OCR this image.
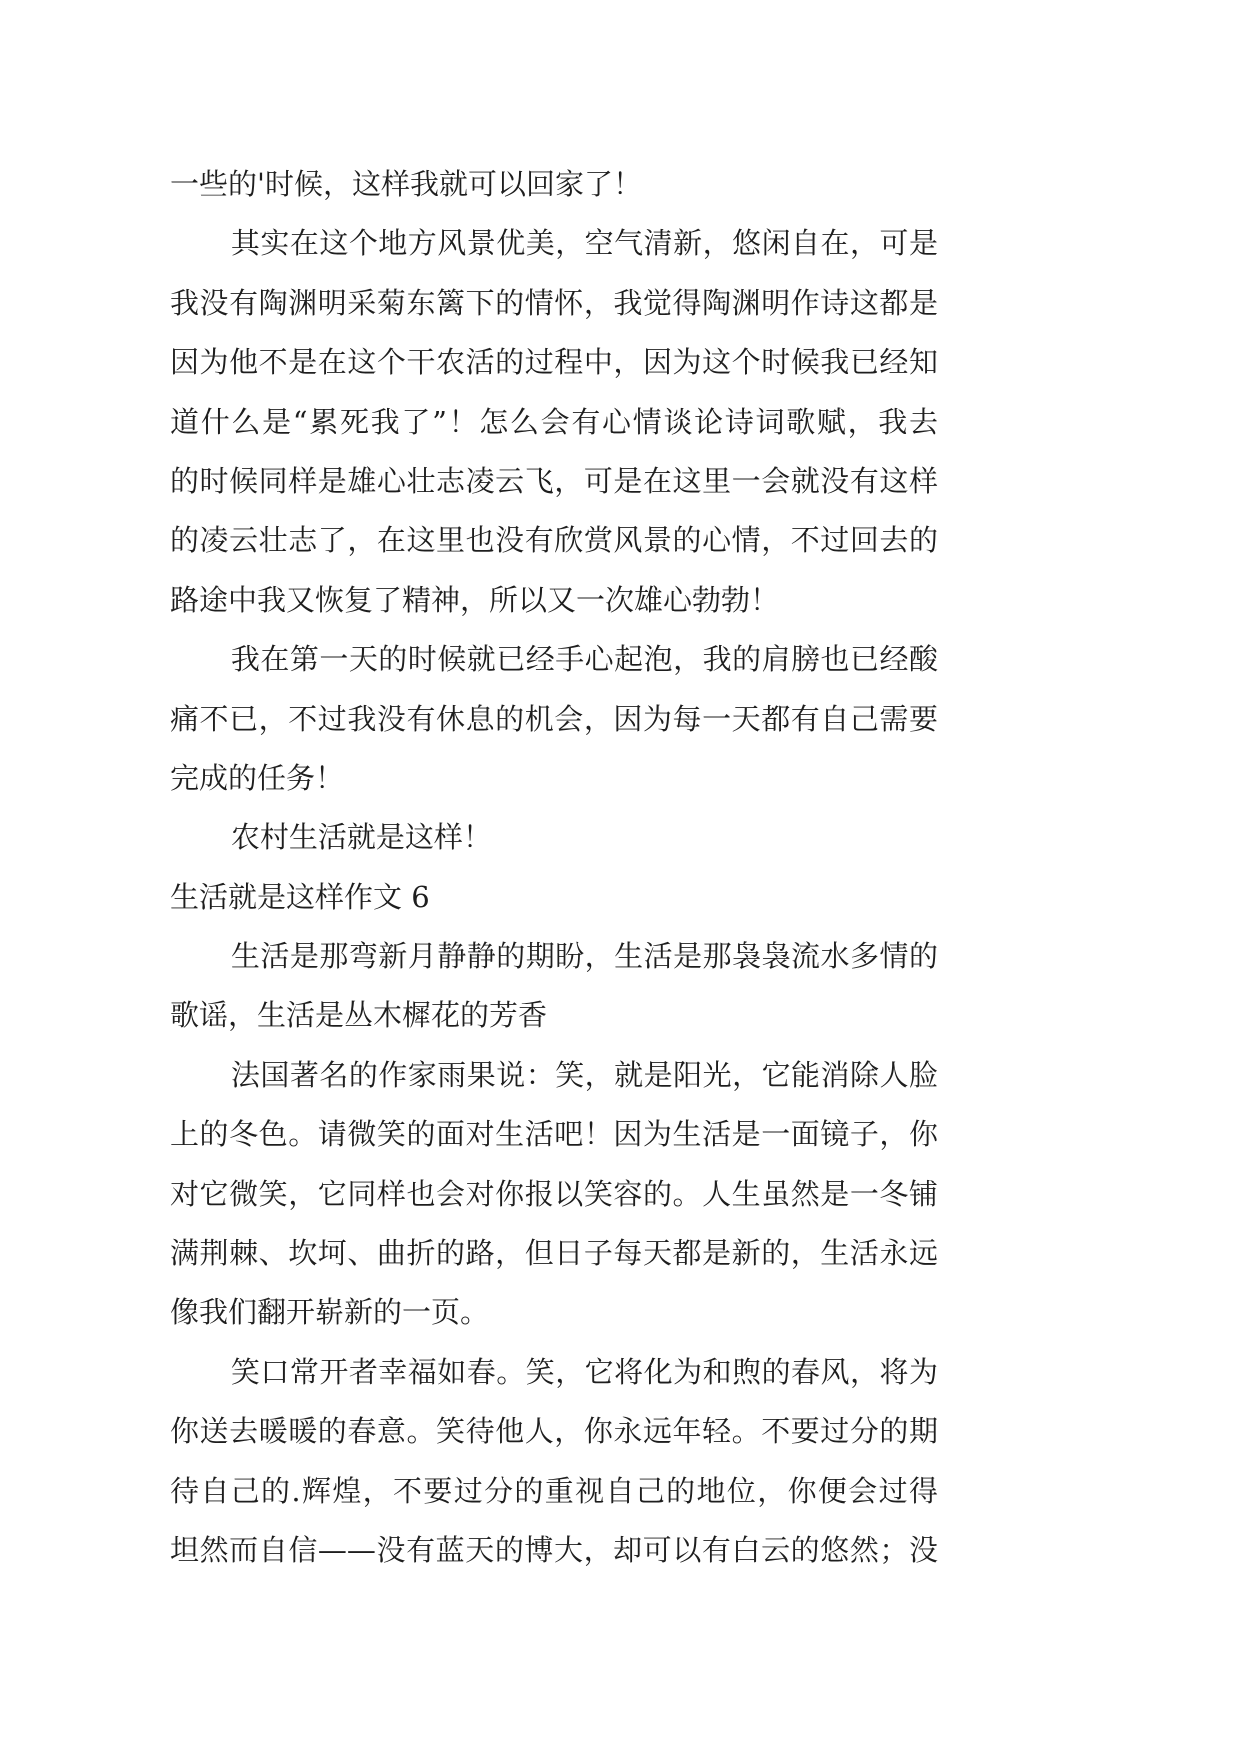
一些的'时候，这样我就可以回家了！
其实在这个地方风景优美，空气清新，悠闲自在，可是
我没有陶渊明采菊东篱下的情怀，我觉得陶渊明作诗这都是
因为他不是在这个干农活的过程中，因为这个时候我已经知
道什么是“累死我了”！怎么会有心情谈论诗词歌赋，我去
的时候同样是雄心壮志凌云飞，可是在这里一会就没有这样
的凌云壮志了，在这里也没有欣赏风景的心情，不过回去的
路途中我又恢复了精神，所以又一次雄心勃勃！
我在第一天的时候就已经手心起泡，我的肩膀也已经酸
痛不已，不过我没有休息的机会，因为每一天都有自己需要
完成的任务！
农村生活就是这样！
生活就是这样作文 6
生活是那弯新月静静的期盼，生活是那袅袅流水多情的
歌谣，生活是丛木樨花的芳香
法国著名的作家雨果说：笑，就是阳光，它能消除人脸
上的冬色。请微笑的面对生活吧！因为生活是一面镜子，你
对它微笑，它同样也会对你报以笑容的。人生虽然是一冬铺
满荆棘、坎坷、曲折的路，但日子每天都是新的，生活永远
像我们翻开崭新的一页。
笑口常开者幸福如春。笑，它将化为和煦的春风，将为
你送去暖暖的春意。笑待他人，你永远年轻。不要过分的期
待自己的.辉煌，不要过分的重视自己的地位，你便会过得
坦然而自信——没有蓝天的博大，却可以有白云的悠然；没
